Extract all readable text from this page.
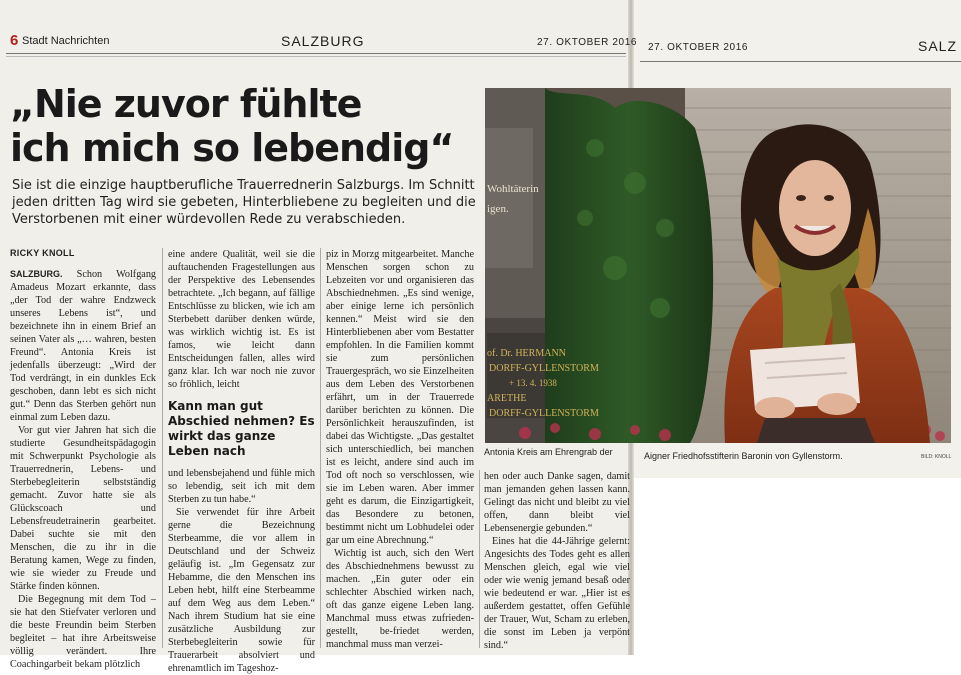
6 Stadt Nachrichten	SALZBURG	27. OKTOBER 2016 27. OKTOBER 2016	SALZ
„Nie zuvor fühlte
ich mich so lebendig“
Sie ist die einzige hauptberufliche Trauerrednerin Salzburgs. Im Schnitt jeden dritten Tag wird sie gebeten, Hinterbliebene zu begleiten und die Verstorbenen mit einer würdevollen Rede zu verabschieden.
RICKY KNOLL

SALZBURG. Schon Wolfgang Amadeus Mozart erkannte, dass „der Tod der wahre Endzweck unseres Lebens ist“, und bezeichnete ihn in einem Brief an seinen Vater als „… wahren, besten Freund“. Antonia Kreis ist jedenfalls überzeugt: „Wird der Tod verdrängt, in ein dunkles Eck geschoben, dann lebt es sich nicht gut.“ Denn das Sterben gehört nun einmal zum Leben dazu.

Vor gut vier Jahren hat sich die studierte Gesundheitspädagogin mit Schwerpunkt Psychologie als Trauerrednerin, Lebens- und Sterbebegleiterin selbstständig gemacht. Zuvor hatte sie als Glückscoach und Lebensfreudetrainerin gearbeitet. Dabei suchte sie mit den Menschen, die zu ihr in die Beratung kamen, Wege zu finden, wie sie wieder zu Freude und Stärke finden können.

Die Begegnung mit dem Tod – sie hat den Stiefvater verloren und die beste Freundin beim Sterben begleitet – hat ihre Arbeitsweise völlig verändert. Ihre Coachingarbeit bekam plötzlich

eine andere Qualität, weil sie die auftauchenden Fragestellungen aus der Perspektive des Lebensendes betrachtete. „Ich begann, auf fällige Entschlüsse zu blicken, wie ich am Sterbebett darüber denken würde, was wirklich wichtig ist. Es ist famos, wie leicht dann Entscheidungen fallen, alles wird ganz klar. Ich war noch nie zuvor so fröhlich, leicht

Kann man gut Abschied nehmen? Es wirkt das ganze Leben nach

und lebensbejahend und fühle mich so lebendig, seit ich mit dem Sterben zu tun habe.“

Sie verwendet für ihre Arbeit gerne die Bezeichnung Sterbeamme, die vor allem in Deutschland und der Schweiz geläufig ist. „Im Gegensatz zur Hebamme, die den Menschen ins Leben hebt, hilft eine Sterbeamme auf dem Weg aus dem Leben.“ Nach ihrem Studium hat sie eine zusätzliche Ausbildung zur Sterbebegleiterin sowie für Trauerarbeit absolviert und ehrenamtlich im Tageshoz-

piz in Morzg mitgearbeitet. Manche Menschen sorgen schon zu Lebzeiten vor und organisieren das Abschiednehmen. „Es sind wenige, aber einige lerne ich persönlich kennen.“ Meist wird sie den Hinterbliebenen aber vom Bestatter empfohlen. In die Familien kommt sie zum persönlichen Trauergespräch, wo sie Einzelheiten aus dem Leben des Verstorbenen erfährt, um in der Trauerrede darüber berichten zu können. Die Persönlichkeit herauszufinden, ist dabei das Wichtigste. „Das gestaltet sich unterschiedlich, bei manchen ist es leicht, andere sind auch im Tod oft noch so verschlossen, wie sie im Leben waren. Aber immer geht es darum, die Einzigartigkeit, das Besondere zu betonen, bestimmt nicht um Lobhudelei oder gar um eine Abrechnung.“

Wichtig ist auch, sich den Wert des Abschiednehmens bewusst zu machen. „Ein guter oder ein schlechter Abschied wirken nach, oft das ganze eigene Leben lang. Manchmal muss etwas zufrieden-gestellt, be-friedet werden, manchmal muss man verzei-

hen oder auch Danke sagen, damit man jemanden gehen lassen kann. Gelingt das nicht und bleibt zu viel offen, dann bleibt viel Lebensenergie gebunden.“

Eines hat die 44-Jährige gelernt: Angesichts des Todes geht es allen Menschen gleich, egal wie viel oder wie wenig jemand besaß oder wie bedeutend er war. „Hier ist es außerdem gestattet, offen Gefühle der Trauer, Wut, Scham zu erleben, die sonst im Leben ja verpönt sind.“

Wohltäterin
igen.
of. Dr. HERMANN
DORFF-GYLLENSTORM
+ 13. 4. 1938
ARETHE
DORFF-GYLLENSTORM
Antonia Kreis am Ehrengrab der	Aigner Friedhofsstifterin Baronin von Gyllenstorm.	BILD: KNOLL
